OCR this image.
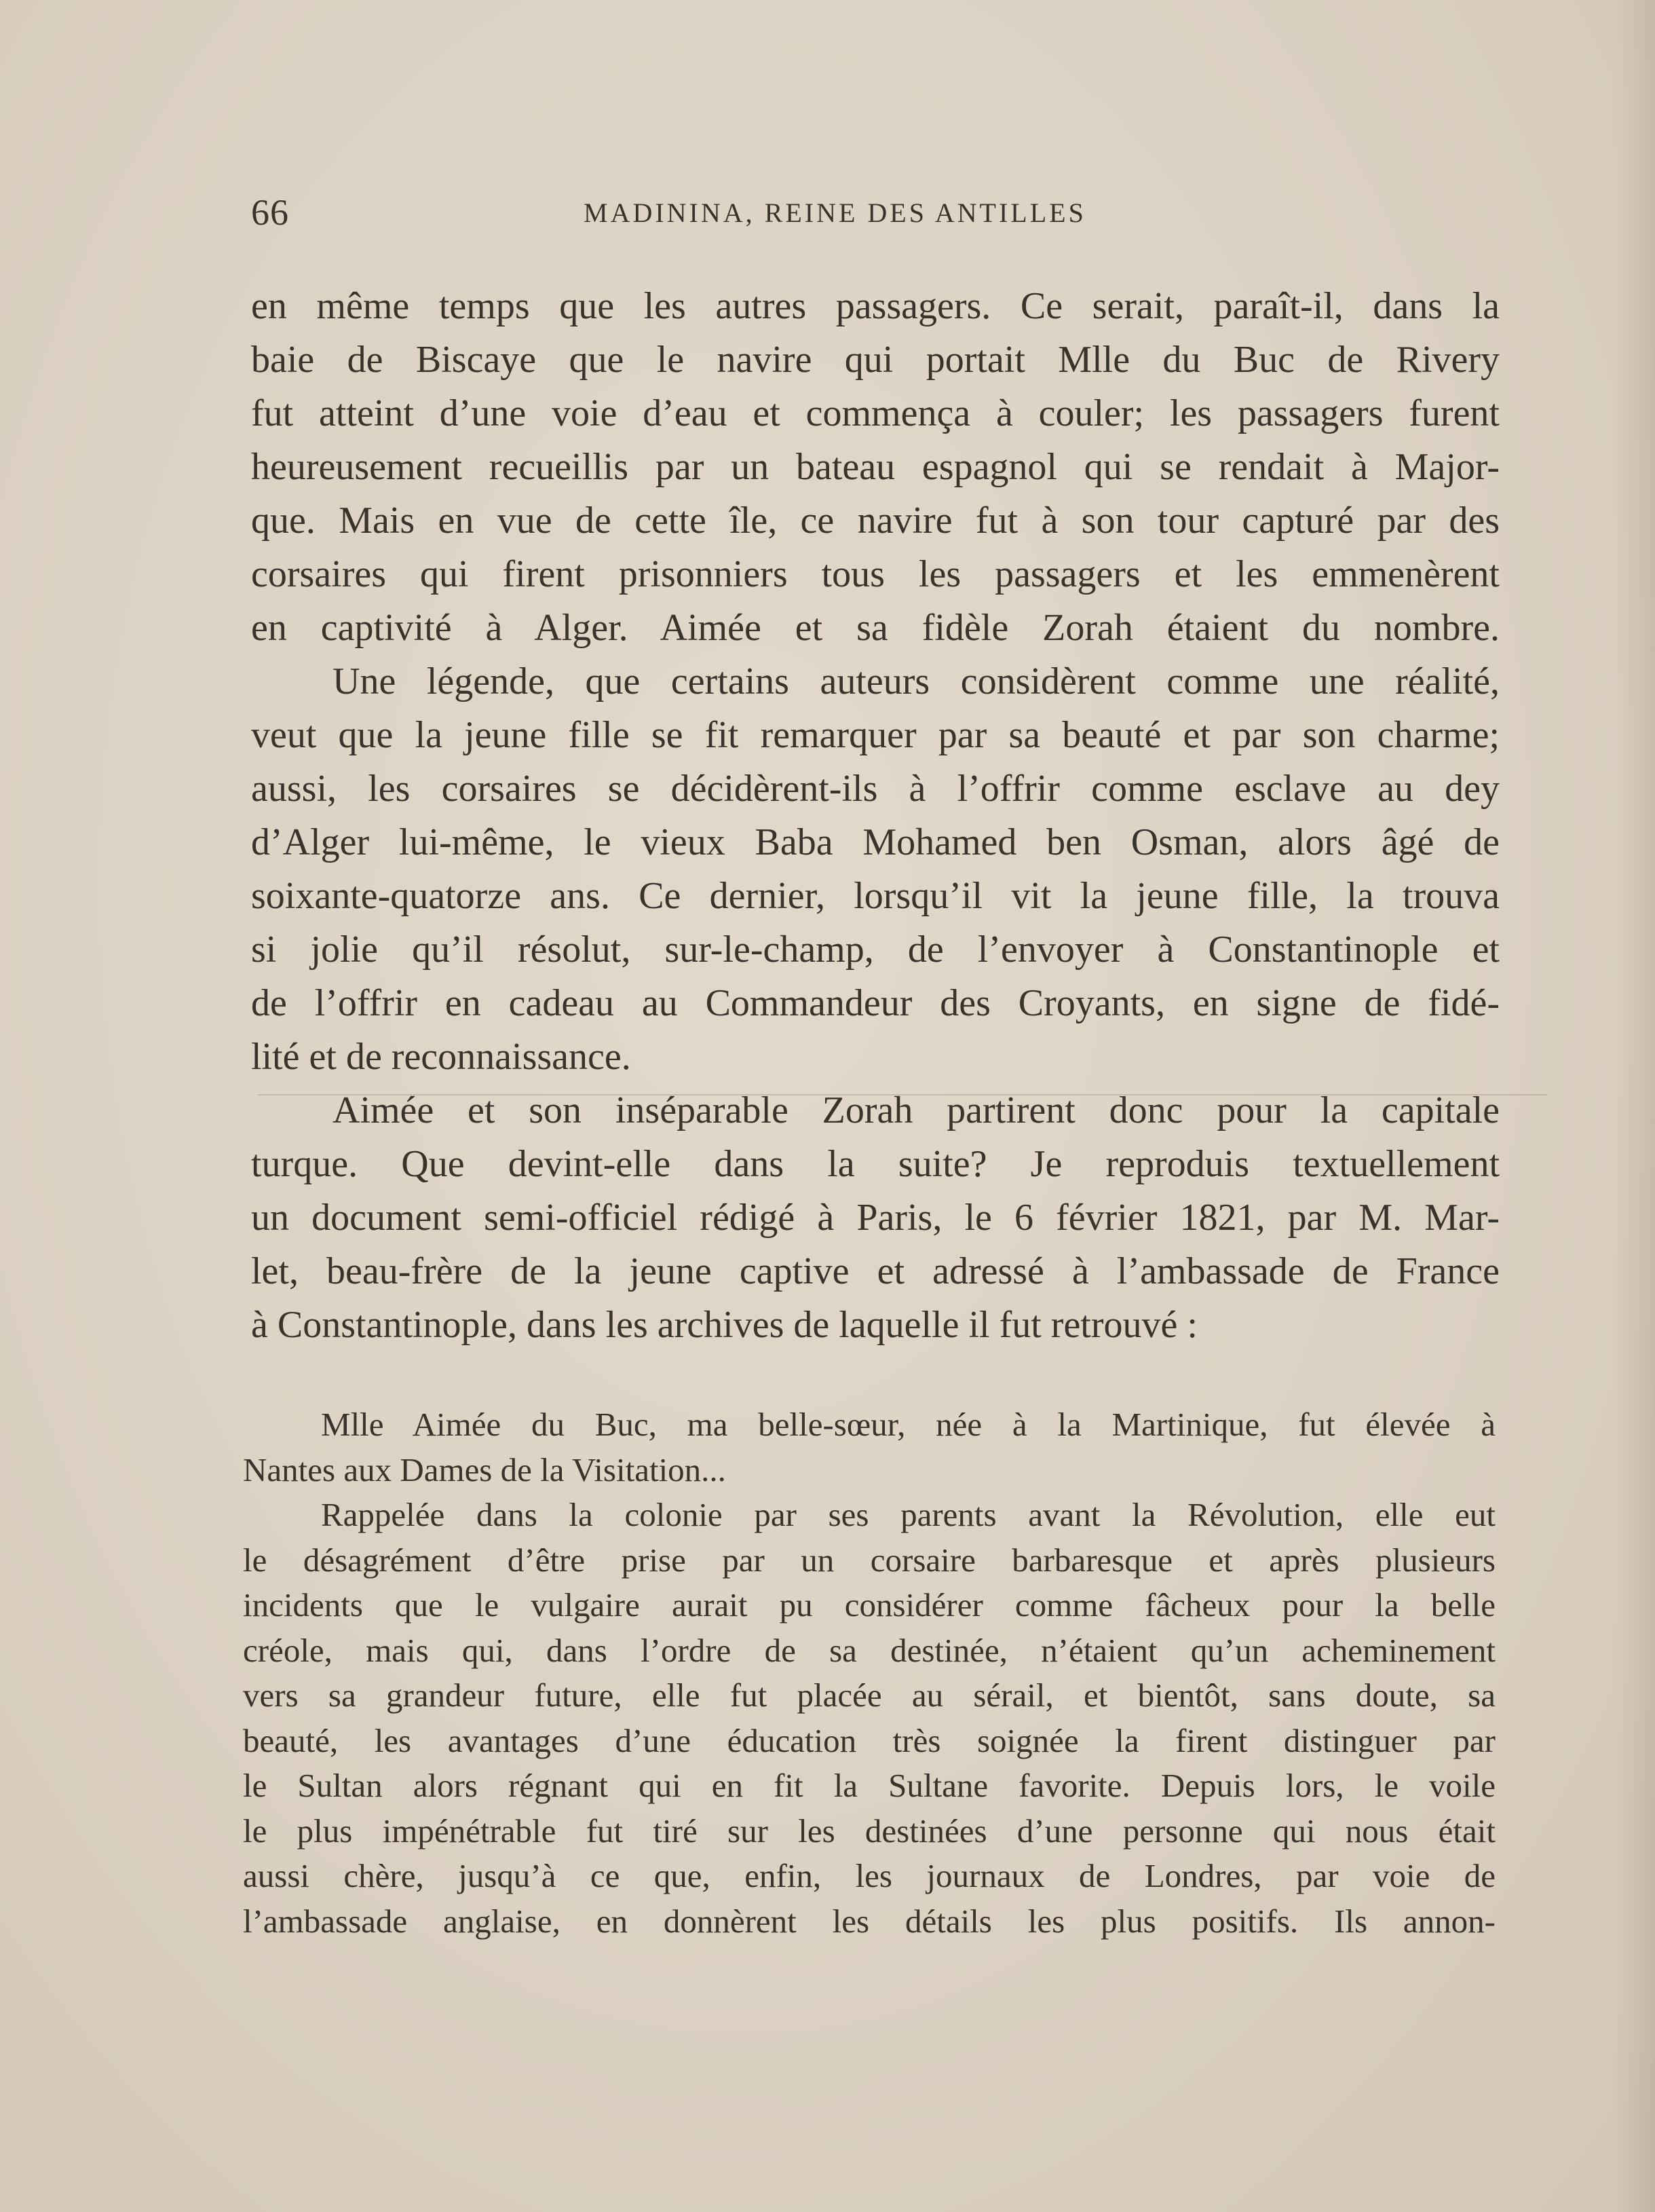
66	MADININA, REINE DES ANTILLES
en même temps que les autres passagers. Ce serait, paraît-il, dans la
baie de Biscaye que le navire qui portait Mlle du Buc de Rivery
fut atteint d’une voie d’eau et commença à couler; les passagers furent
heureusement recueillis par un bateau espagnol qui se rendait à Major-
que. Mais en vue de cette île, ce navire fut à son tour capturé par des
corsaires qui firent prisonniers tous les passagers et les emmenèrent
en captivité à Alger. Aimée et sa fidèle Zorah étaient du nombre.
Une légende, que certains auteurs considèrent comme une réalité,
veut que la jeune fille se fit remarquer par sa beauté et par son charme;
aussi, les corsaires se décidèrent-ils à l’offrir comme esclave au dey
d’Alger lui-même, le vieux Baba Mohamed ben Osman, alors âgé de
soixante-quatorze ans. Ce dernier, lorsqu’il vit la jeune fille, la trouva
si jolie qu’il résolut, sur-le-champ, de l’envoyer à Constantinople et
de l’offrir en cadeau au Commandeur des Croyants, en signe de fidé-
lité et de reconnaissance.
Aimée et son inséparable Zorah partirent donc pour la capitale
turque. Que devint-elle dans la suite? Je reproduis textuellement
un document semi-officiel rédigé à Paris, le 6 février 1821, par M. Mar-
let, beau-frère de la jeune captive et adressé à l’ambassade de France
à Constantinople, dans les archives de laquelle il fut retrouvé :
Mlle Aimée du Buc, ma belle-sœur, née à la Martinique, fut élevée à
Nantes aux Dames de la Visitation...
Rappelée dans la colonie par ses parents avant la Révolution, elle eut
le désagrément d’être prise par un corsaire barbaresque et après plusieurs
incidents que le vulgaire aurait pu considérer comme fâcheux pour la belle
créole, mais qui, dans l’ordre de sa destinée, n’étaient qu’un acheminement
vers sa grandeur future, elle fut placée au sérail, et bientôt, sans doute, sa
beauté, les avantages d’une éducation très soignée la firent distinguer par
le Sultan alors régnant qui en fit la Sultane favorite. Depuis lors, le voile
le plus impénétrable fut tiré sur les destinées d’une personne qui nous était
aussi chère, jusqu’à ce que, enfin, les journaux de Londres, par voie de
l’ambassade anglaise, en donnèrent les détails les plus positifs. Ils annon-
